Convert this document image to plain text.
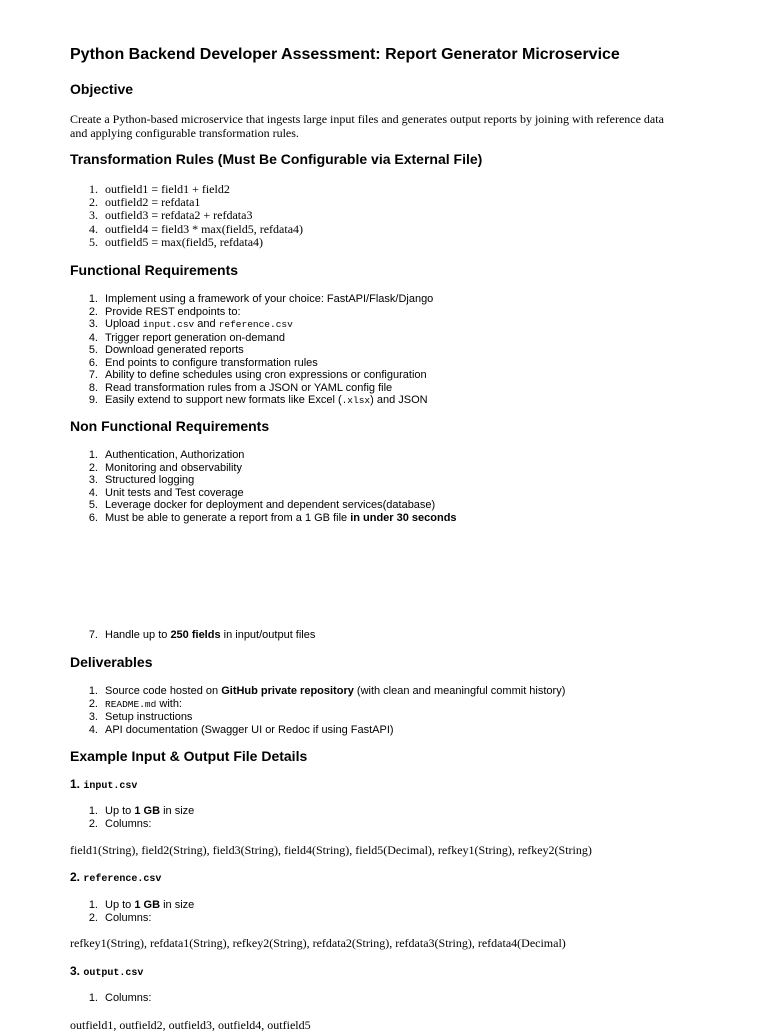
Python Backend Developer Assessment: Report Generator Microservice
Objective

Create a Python-based microservice that ingests large input files and generates output reports by joining with reference data and applying configurable transformation rules.

Transformation Rules (Must Be Configurable via External File)
1. outfield1 = field1 + field2
2. outfield2 = refdata1
3. outfield3 = refdata2 + refdata3
4. outfield4 = field3 * max(field5, refdata4)
5. outfield5 = max(field5, refdata4)
Functional Requirements
1. Implement using a framework of your choice: FastAPI/Flask/Django
2. Provide REST endpoints to:
3. Upload input.csv and reference.csv
4. Trigger report generation on-demand
5. Download generated reports
6. End points to configure transformation rules
7. Ability to define schedules using cron expressions or configuration
8. Read transformation rules from a JSON or YAML config file
9. Easily extend to support new formats like Excel (.xlsx) and JSON
Non Functional Requirements
1. Authentication, Authorization
2. Monitoring and observability
3. Structured logging
4. Unit tests and Test coverage
5. Leverage docker for deployment and dependent services(database)
6. Must be able to generate a report from a 1 GB file in under 30 seconds
7. Handle up to 250 fields in input/output files
Deliverables
1. Source code hosted on GitHub private repository (with clean and meaningful commit history)
2. README.md with:
3. Setup instructions
4. API documentation (Swagger UI or Redoc if using FastAPI)
Example Input & Output File Details
1. input.csv
1. Up to 1 GB in size
2. Columns:

field1(String), field2(String), field3(String), field4(String), field5(Decimal), refkey1(String), refkey2(String)

2. reference.csv
1. Up to 1 GB in size
2. Columns:

refkey1(String), refdata1(String), refkey2(String), refdata2(String), refdata3(String), refdata4(Decimal)

3. output.csv
1. Columns:

outfield1, outfield2, outfield3, outfield4, outfield5
